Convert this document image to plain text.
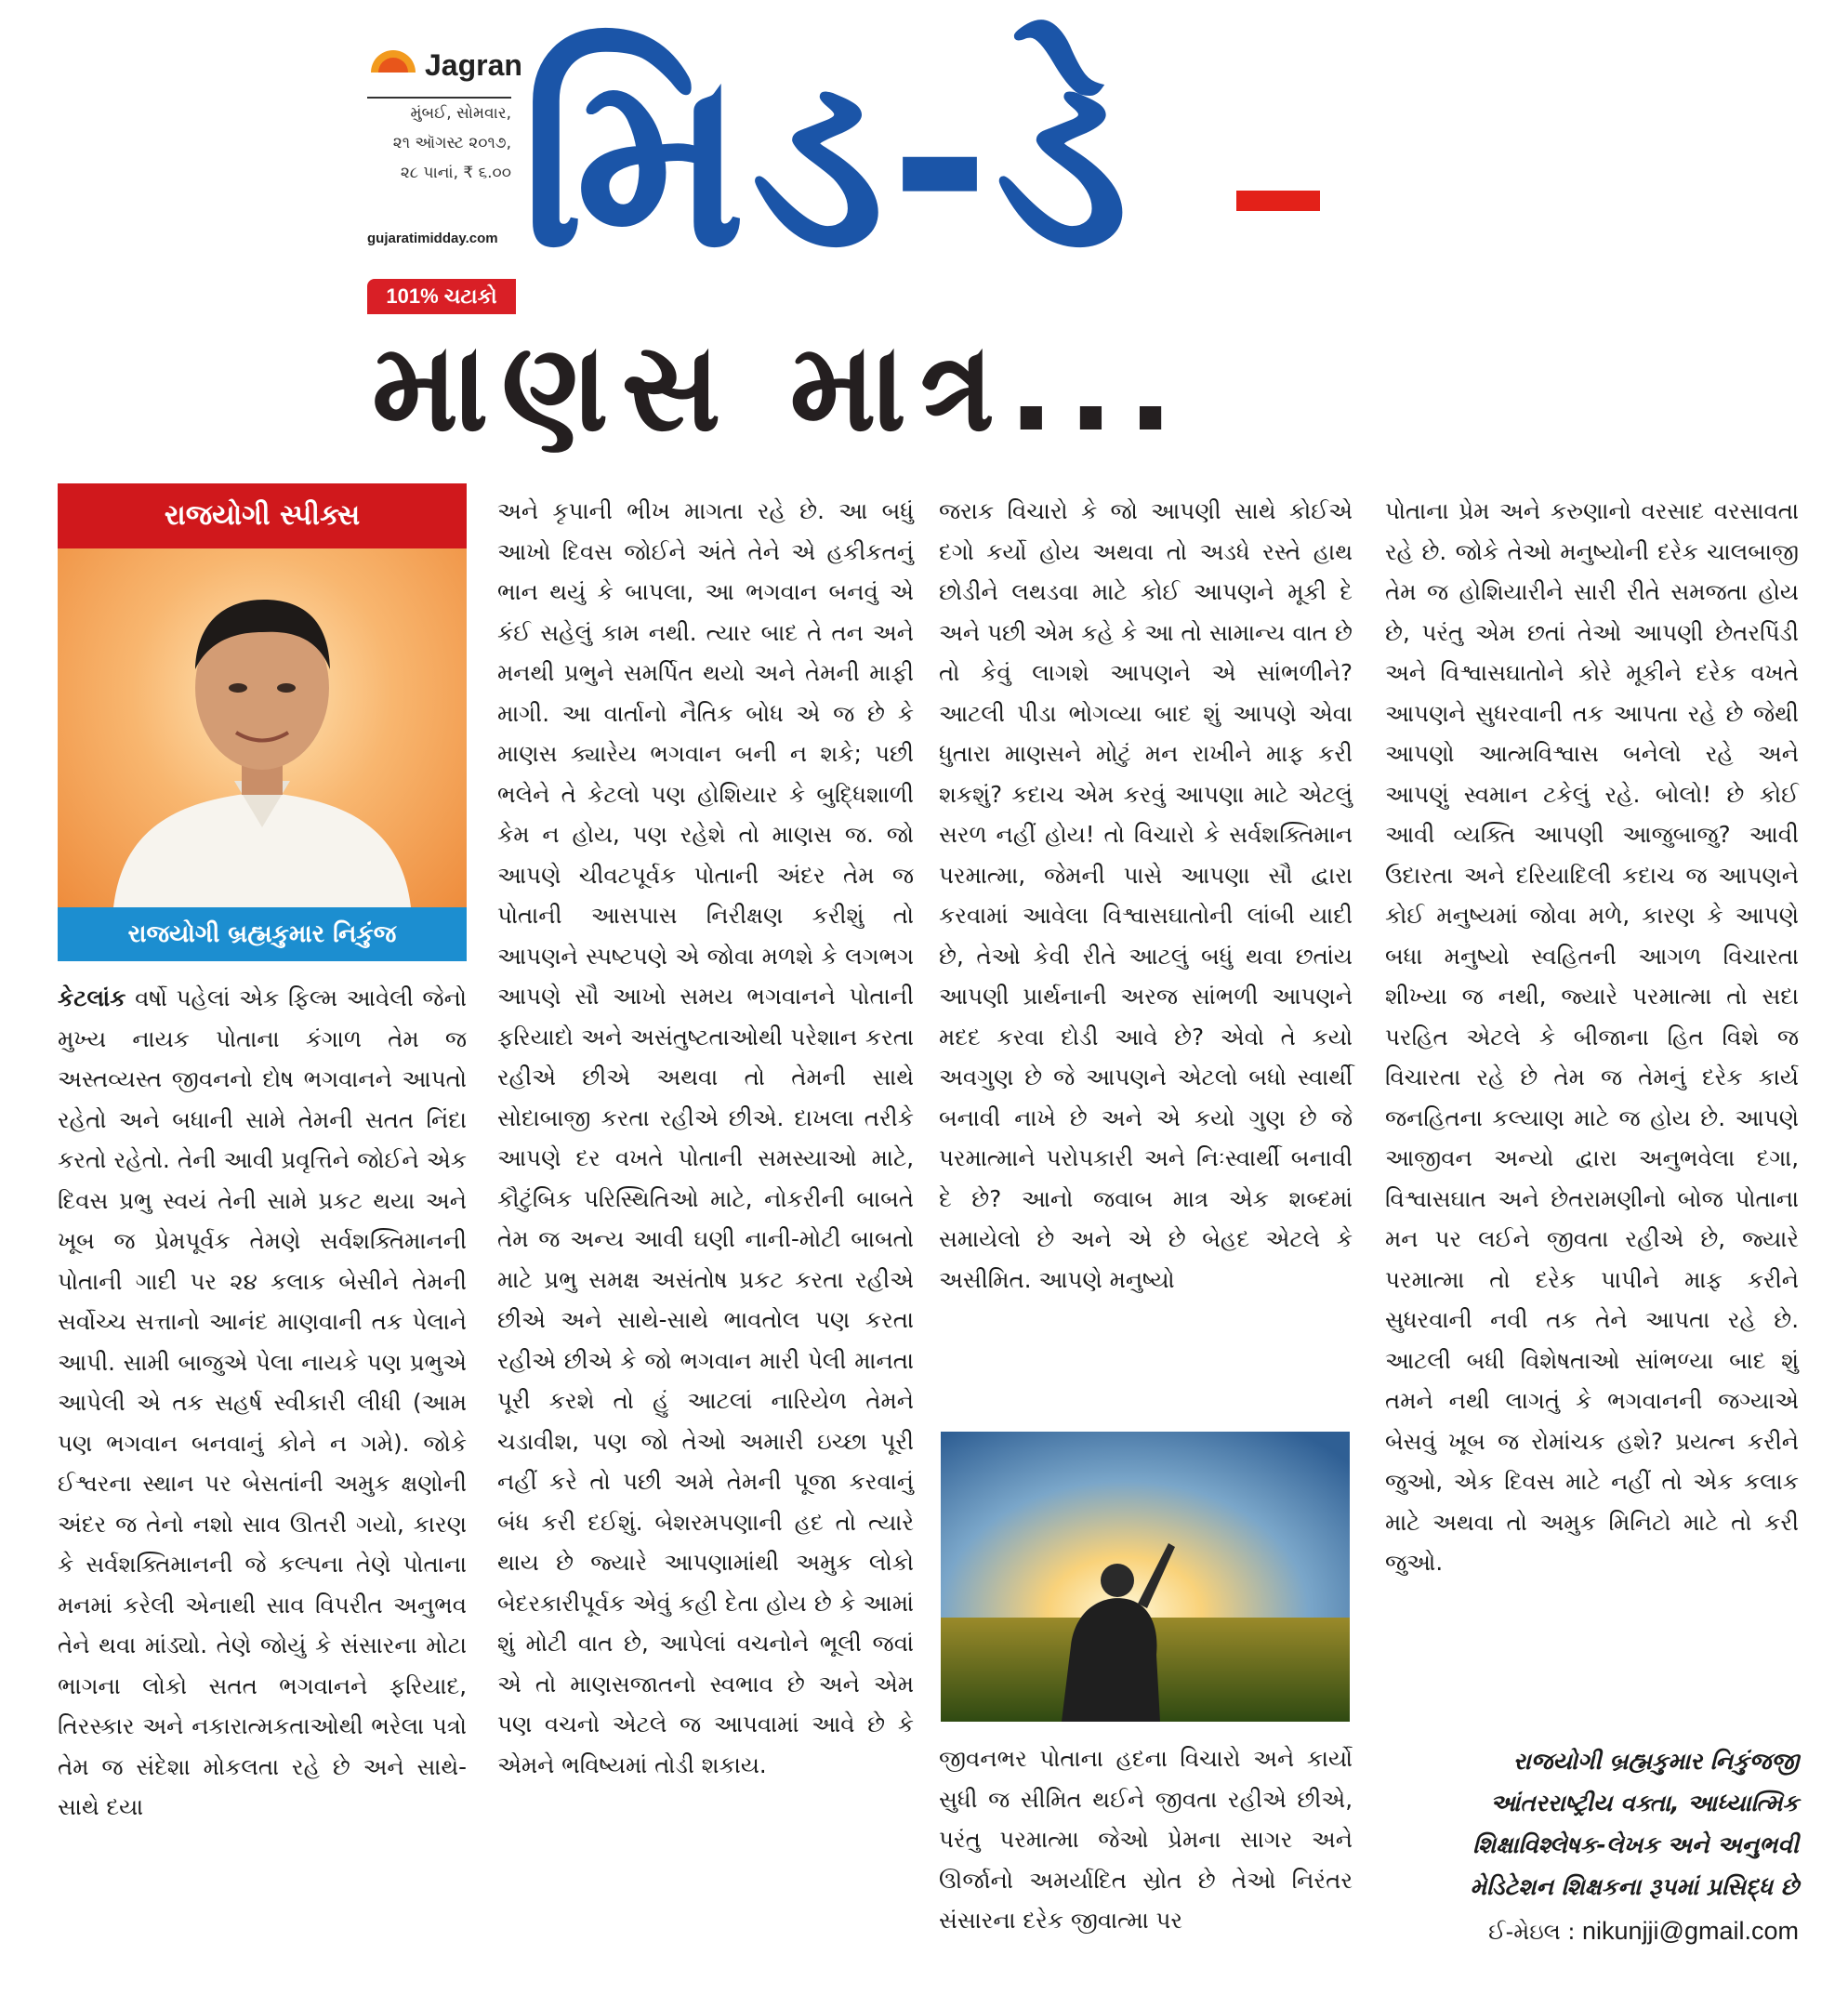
Jagran
મુંબઈ, સોમવાર,
૨૧ ઑગસ્ટ ૨૦૧૭,
૨૮ પાનાં, ₹ ૬.૦૦
gujaratimidday.com
101% ચટાકો મિડ-ડે
માણસ માત્ર...
રાજયોગી સ્પીક્સ
રાજયોગી બ્રહ્મકુમાર નિકુંજ

કેટલાંક વર્ષો પહેલાં એક ફિલ્મ આવેલી જેનો મુખ્ય નાયક પોતાના કંગાળ તેમ જ અસ્તવ્યસ્ત જીવનનો દોષ ભગવાનને આપતો રહેતો અને બધાની સામે તેમની સતત નિંદા કરતો રહેતો. તેની આવી પ્રવૃત્તિને જોઈને એક દિવસ પ્રભુ સ્વયં તેની સામે પ્રકટ થયા અને ખૂબ જ પ્રેમપૂર્વક તેમણે સર્વશક્તિમાનની પોતાની ગાદી પર ૨૪ કલાક બેસીને તેમની સર્વોચ્ચ સત્તાનો આનંદ માણવાની તક પેલાને આપી. સામી બાજુએ પેલા નાયકે પણ પ્રભુએ આપેલી એ તક સહર્ષ સ્વીકારી લીધી (આમ પણ ભગવાન બનવાનું કોને ન ગમે). જોકે ઈશ્વરના સ્થાન પર બેસતાંની અમુક ક્ષણોની અંદર જ તેનો નશો સાવ ઊતરી ગયો, કારણ કે સર્વશક્તિમાનની જે કલ્પના તેણે પોતાના મનમાં કરેલી એનાથી સાવ વિપરીત અનુભવ તેને થવા માંડ્યો. તેણે જોયું કે સંસારના મોટા ભાગના લોકો સતત ભગવાનને ફરિયાદ, તિરસ્કાર અને નકારાત્મકતાઓથી ભરેલા પત્રો તેમ જ સંદેશા મોકલતા રહે છે અને સાથે-સાથે દયા

અને કૃપાની ભીખ માગતા રહે છે. આ બધું આખો દિવસ જોઈને અંતે તેને એ હકીકતનું ભાન થયું કે બાપલા, આ ભગવાન બનવું એ કંઈ સહેલું કામ નથી. ત્યાર બાદ તે તન અને મનથી પ્રભુને સમર્પિત થયો અને તેમની માફી માગી. આ વાર્તાનો નૈતિક બોધ એ જ છે કે માણસ ક્યારેય ભગવાન બની ન શકે; પછી ભલેને તે કેટલો પણ હોશિયાર કે બુદ્ધિશાળી કેમ ન હોય, પણ રહેશે તો માણસ જ. જો આપણે ચીવટપૂર્વક પોતાની અંદર તેમ જ પોતાની આસપાસ નિરીક્ષણ કરીશું તો આપણને સ્પષ્ટપણે એ જોવા મળશે કે લગભગ આપણે સૌ આખો સમય ભગવાનને પોતાની ફરિયાદો અને અસંતુષ્ટતાઓથી પરેશાન કરતા રહીએ છીએ અથવા તો તેમની સાથે સોદાબાજી કરતા રહીએ છીએ. દાખલા તરીકે આપણે દર વખતે પોતાની સમસ્યાઓ માટે, કૌટુંબિક પરિસ્થિતિઓ માટે, નોકરીની બાબતે તેમ જ અન્ય આવી ઘણી નાની-મોટી બાબતો માટે પ્રભુ સમક્ષ અસંતોષ પ્રકટ કરતા રહીએ છીએ અને સાથે-સાથે ભાવતોલ પણ કરતા રહીએ છીએ કે જો ભગવાન મારી પેલી માનતા પૂરી કરશે તો હું આટલાં નારિયેળ તેમને ચડાવીશ, પણ જો તેઓ અમારી ઇચ્છા પૂરી નહીં કરે તો પછી અમે તેમની પૂજા કરવાનું બંધ કરી દઈશું. બેશરમપણાની હદ તો ત્યારે થાય છે જ્યારે આપણામાંથી અમુક લોકો બેદરકારીપૂર્વક એવું કહી દેતા હોય છે કે આમાં શું મોટી વાત છે, આપેલાં વચનોને ભૂલી જવાં એ તો માણસજાતનો સ્વભાવ છે અને એમ પણ વચનો એટલે જ આપવામાં આવે છે કે એમને ભવિષ્યમાં તોડી શકાય.

જરાક વિચારો કે જો આપણી સાથે કોઈએ દગો કર્યો હોય અથવા તો અડધે રસ્તે હાથ છોડીને લથડવા માટે કોઈ આપણને મૂકી દે અને પછી એમ કહે કે આ તો સામાન્ય વાત છે તો કેવું લાગશે આપણને એ સાંભળીને? આટલી પીડા ભોગવ્યા બાદ શું આપણે એવા ધુતારા માણસને મોટું મન રાખીને માફ કરી શકશું? કદાચ એમ કરવું આપણા માટે એટલું સરળ નહીં હોય! તો વિચારો કે સર્વશક્તિમાન પરમાત્મા, જેમની પાસે આપણા સૌ દ્વારા કરવામાં આવેલા વિશ્વાસઘાતોની લાંબી યાદી છે, તેઓ કેવી રીતે આટલું બધું થવા છતાંય આપણી પ્રાર્થનાની અરજ સાંભળી આપણને મદદ કરવા દોડી આવે છે? એવો તે કયો અવગુણ છે જે આપણને એટલો બધો સ્વાર્થી બનાવી નાખે છે અને એ કયો ગુણ છે જે પરમાત્માને પરોપકારી અને નિઃસ્વાર્થી બનાવી દે છે? આનો જવાબ માત્ર એક શબ્દમાં સમાયેલો છે અને એ છે બેહદ એટલે કે અસીમિત. આપણે મનુષ્યો

જીવનભર પોતાના હદના વિચારો અને કાર્યો સુધી જ સીમિત થઈને જીવતા રહીએ છીએ, પરંતુ પરમાત્મા જેઓ પ્રેમના સાગર અને ઊર્જાનો અમર્યાદિત સ્રોત છે તેઓ નિરંતર સંસારના દરેક જીવાત્મા પર

પોતાના પ્રેમ અને કરુણાનો વરસાદ વરસાવતા રહે છે. જોકે તેઓ મનુષ્યોની દરેક ચાલબાજી તેમ જ હોશિયારીને સારી રીતે સમજતા હોય છે, પરંતુ એમ છતાં તેઓ આપણી છેતરપિંડી અને વિશ્વાસઘાતોને કોરે મૂકીને દરેક વખતે આપણને સુધરવાની તક આપતા રહે છે જેથી આપણો આત્મવિશ્વાસ બનેલો રહે અને આપણું સ્વમાન ટકેલું રહે. બોલો! છે કોઈ આવી વ્યક્તિ આપણી આજુબાજુ? આવી ઉદારતા અને દરિયાદિલી કદાચ જ આપણને કોઈ મનુષ્યમાં જોવા મળે, કારણ કે આપણે બધા મનુષ્યો સ્વહિતની આગળ વિચારતા શીખ્યા જ નથી, જ્યારે પરમાત્મા તો સદા પરહિત એટલે કે બીજાના હિત વિશે જ વિચારતા રહે છે તેમ જ તેમનું દરેક કાર્ય જનહિતના કલ્યાણ માટે જ હોય છે. આપણે આજીવન અન્યો દ્વારા અનુભવેલા દગા, વિશ્વાસઘાત અને છેતરામણીનો બોજ પોતાના મન પર લઈને જીવતા રહીએ છે, જ્યારે પરમાત્મા તો દરેક પાપીને માફ કરીને સુધરવાની નવી તક તેને આપતા રહે છે. આટલી બધી વિશેષતાઓ સાંભળ્યા બાદ શું તમને નથી લાગતું કે ભગવાનની જગ્યાએ બેસવું ખૂબ જ રોમાંચક હશે? પ્રયત્ન કરીને જુઓ, એક દિવસ માટે નહીં તો એક કલાક માટે અથવા તો અમુક મિનિટો માટે તો કરી જુઓ.

રાજયોગી બ્રહ્મકુમાર નિકુંજજી
આંતરરાષ્ટ્રીય વક્તા, આધ્યાત્મિક
શિક્ષાવિશ્લેષક-લેખક અને અનુભવી
મેડિટેશન શિક્ષકના રૂપમાં પ્રસિદ્ધ છે
ઈ-મેઇલ : nikunjji@gmail.com
